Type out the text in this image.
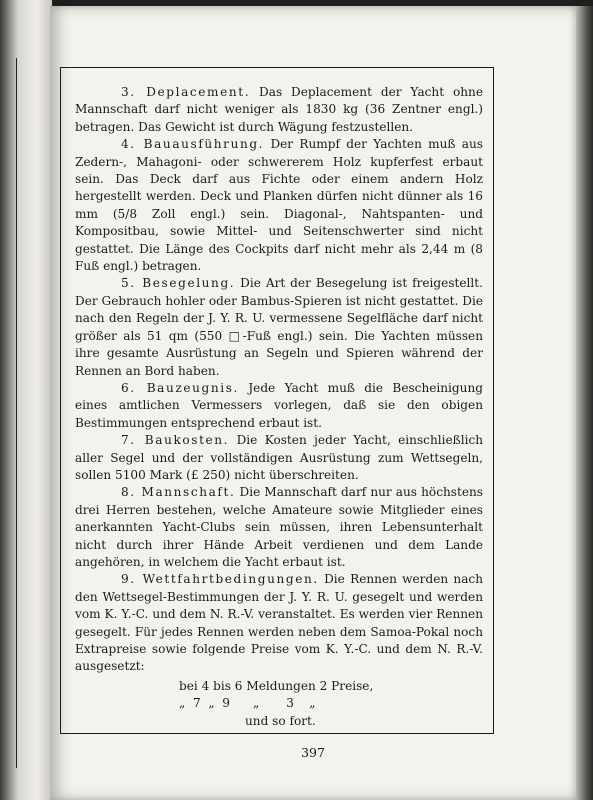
3. Deplacement. Das Deplacement der Yacht ohne Mannschaft darf nicht weniger als 1830 kg (36 Zentner engl.) betragen. Das Gewicht ist durch Wägung festzustellen.

4. Bauausführung. Der Rumpf der Yachten muß aus Zedern-, Mahagoni- oder schwererem Holz kupferfest erbaut sein. Das Deck darf aus Fichte oder einem andern Holz hergestellt werden. Deck und Planken dürfen nicht dünner als 16 mm (5/8 Zoll engl.) sein. Diagonal-, Nahtspanten- und Kompositbau, sowie Mittel- und Seitenschwerter sind nicht gestattet. Die Länge des Cockpits darf nicht mehr als 2,44 m (8 Fuß engl.) betragen.

5. Besegelung. Die Art der Besegelung ist freigestellt. Der Gebrauch hohler oder Bambus-Spieren ist nicht gestattet. Die nach den Regeln der J. Y. R. U. vermessene Segelfläche darf nicht größer als 51 qm (550 □-Fuß engl.) sein. Die Yachten müssen ihre gesamte Ausrüstung an Segeln und Spieren während der Rennen an Bord haben.

6. Bauzeugnis. Jede Yacht muß die Bescheinigung eines amtlichen Vermessers vorlegen, daß sie den obigen Bestimmungen entsprechend erbaut ist.

7. Baukosten. Die Kosten jeder Yacht, einschließlich aller Segel und der vollständigen Ausrüstung zum Wettsegeln, sollen 5100 Mark (£ 250) nicht überschreiten.

8. Mannschaft. Die Mannschaft darf nur aus höchstens drei Herren bestehen, welche Amateure sowie Mitglieder eines anerkannten Yacht-Clubs sein müssen, ihren Lebensunterhalt nicht durch ihrer Hände Arbeit verdienen und dem Lande angehören, in welchem die Yacht erbaut ist.

9. Wettfahrtbedingungen. Die Rennen werden nach den Wettsegel-Bestimmungen der J. Y. R. U. gesegelt und werden vom K. Y.-C. und dem N. R.-V. veranstaltet. Es werden vier Rennen gesegelt. Für jedes Rennen werden neben dem Samoa-Pokal noch Extrapreise sowie folgende Preise vom K. Y.-C. und dem N. R.-V. ausgesetzt:

bei 4 bis 6 Meldungen 2 Preise,
„  7  „  9      „       3    „
und so fort.
397
